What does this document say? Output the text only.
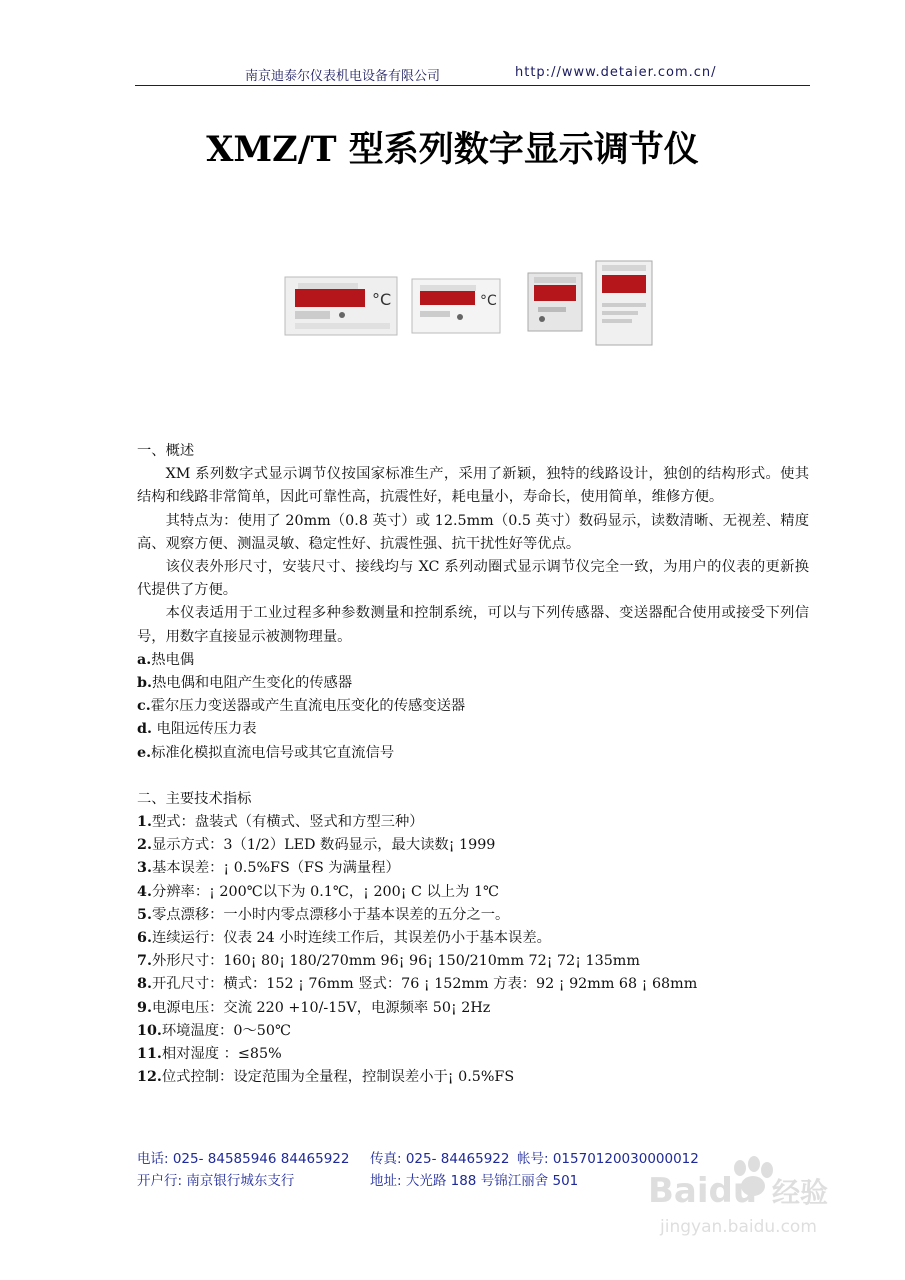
南京迪泰尔仪表机电设备有限公司	http://www.detaier.com.cn/
XMZ/T 型系列数字显示调节仪
°C	°C

一、概述

XM 系列数字式显示调节仪按国家标准生产，采用了新颖，独特的线路设计，独创的结构形式。使其结构和线路非常简单，因此可靠性高，抗震性好，耗电量小，寿命长，使用简单，维修方便。

其特点为：使用了 20mm（0.8 英寸）或 12.5mm（0.5 英寸）数码显示，读数清晰、无视差、精度高、观察方便、测温灵敏、稳定性好、抗震性强、抗干扰性好等优点。

该仪表外形尺寸，安装尺寸、接线均与 XC 系列动圈式显示调节仪完全一致，为用户的仪表的更新换代提供了方便。

本仪表适用于工业过程多种参数测量和控制系统，可以与下列传感器、变送器配合使用或接受下列信号，用数字直接显示被测物理量。

a.热电偶

b.热电偶和电阻产生变化的传感器

c.霍尔压力变送器或产生直流电压变化的传感变送器

d. 电阻远传压力表

e.标准化模拟直流电信号或其它直流信号

二、主要技术指标

1.型式：盘装式（有横式、竖式和方型三种）

2.显示方式：3（1/2）LED 数码显示，最大读数¡ 1999

3.基本误差：¡ 0.5%FS（FS 为满量程）

4.分辨率：¡ 200℃以下为 0.1℃，¡ 200¡ C 以上为 1℃

5.零点漂移：一小时内零点漂移小于基本误差的五分之一。

6.连续运行：仪表 24 小时连续工作后，其误差仍小于基本误差。

7.外形尺寸：160¡ 80¡ 180/270mm 96¡ 96¡ 150/210mm 72¡ 72¡ 135mm

8.开孔尺寸：横式：152 ¡ 76mm 竖式：76 ¡ 152mm 方表：92 ¡ 92mm 68 ¡ 68mm

9.电源电压：交流 220 +10/-15V，电源频率 50¡ 2Hz

10.环境温度：0～50℃

11.相对湿度 ：≤85%

12.位式控制：设定范围为全量程，控制误差小于¡ 0.5%FS

电话: 025- 84585946 84465922 传真: 025- 84465922 帐号: 01570120030000012
开户行: 南京银行城东支行	地址: 大光路 188 号锦江丽舍 501 Baidu 经验
jingyan.baidu.com
